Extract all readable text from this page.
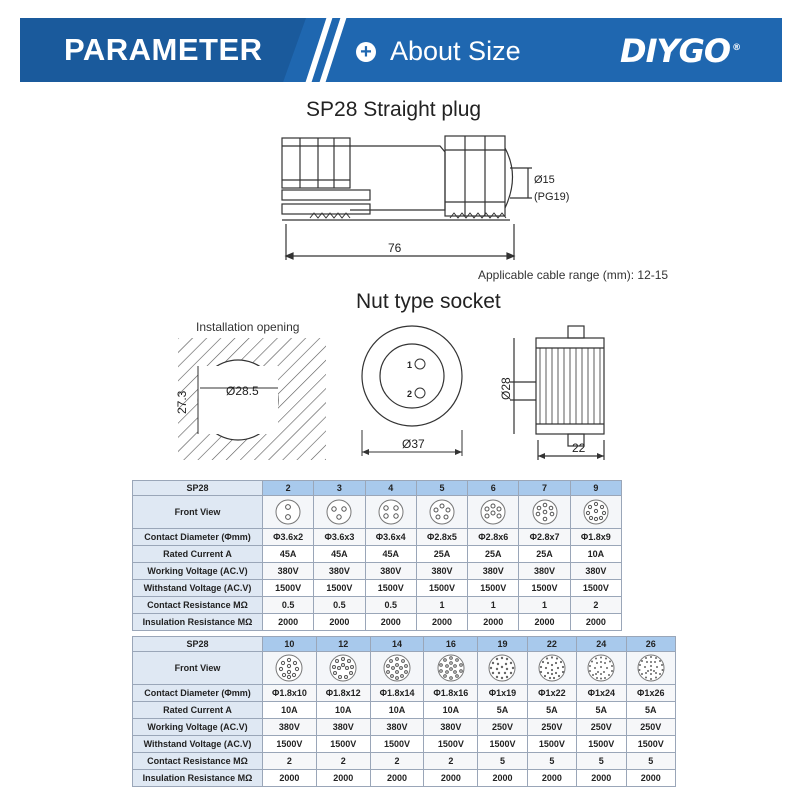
PARAMETER	+ About Size	DIYGO ®
SP28 Straight plug
76
Ø15
(PG19)
Applicable cable range (mm): 12-15
Nut type socket
Installation opening
Ø28.5
27.3
1
2
Ø37
Ø28
22
SP28	2	3	4	5	6	7	9
Front View	

Contact Diameter (Φmm)	Φ3.6x2	Φ3.6x3	Φ3.6x4	Φ2.8x5	Φ2.8x6	Φ2.8x7	Φ1.8x9
Rated Current A	45A	45A	45A	25A	25A	25A	10A
Working Voltage (AC.V)	380V	380V	380V	380V	380V	380V	380V
Withstand Voltage (AC.V)	1500V	1500V	1500V	1500V	1500V	1500V	1500V
Contact Resistance MΩ	0.5	0.5	0.5	1	1	1	2
Insulation Resistance MΩ	2000	2000	2000	2000	2000	2000	2000
SP28	10	12	14	16	19	22	24	26
Front View	

Contact Diameter (Φmm)	Φ1.8x10	Φ1.8x12	Φ1.8x14	Φ1.8x16	Φ1x19	Φ1x22	Φ1x24	Φ1x26
Rated Current A	10A	10A	10A	10A	5A	5A	5A	5A
Working Voltage (AC.V)	380V	380V	380V	380V	250V	250V	250V	250V
Withstand Voltage (AC.V)	1500V	1500V	1500V	1500V	1500V	1500V	1500V	1500V
Contact Resistance MΩ	2	2	2	2	5	5	5	5
Insulation Resistance MΩ	2000	2000	2000	2000	2000	2000	2000	2000
